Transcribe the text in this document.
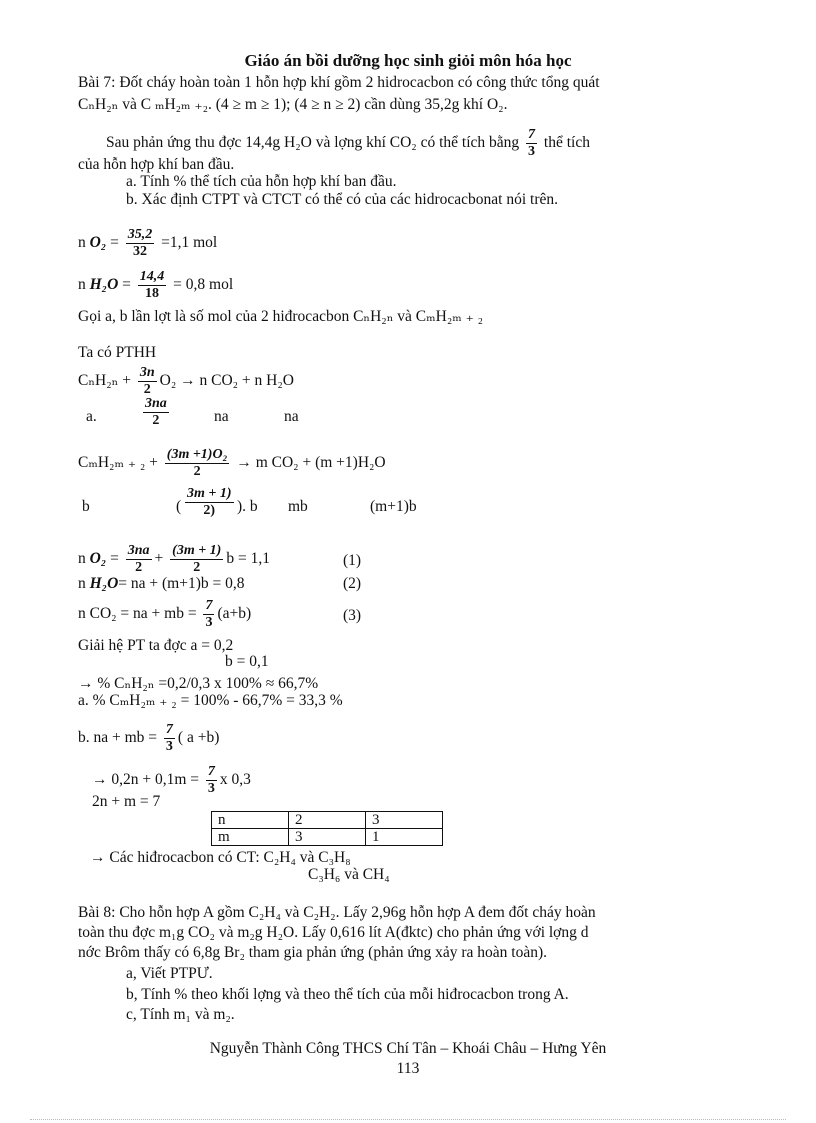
Giáo án bồi dưỡng học sinh giỏi môn hóa học
Bài 7: Đốt cháy hoàn toàn 1 hỗn hợp khí gồm 2 hidrocacbon có công thức tổng quát
CₙH₂ₙ và C ₘH₂ₘ ₊₂. (4 ≥ m ≥ 1); (4 ≥ n ≥ 2) cần dùng 35,2g khí O₂.
Sau phản ứng thu đợc 14,4g H₂O và lợng khí CO₂ có thể tích bằng $\frac{7}{3}$ thể tích
của hỗn hợp khí ban đầu.
a. Tính % thể tích của hỗn hợp khí ban đầu.
b. Xác định CTPT và CTCT có thể có của các hidrocacbonat nói trên.
n $O_2 = \frac{35,2}{32} =1,1$ mol
n $H_2O = \frac{14,4}{18} = 0,8$ mol
Gọi a, b lần lợt là số mol của 2 hiđrocacbon CₙH₂ₙ và CₘH₂ₘ ₊ ₂
Ta có PTHH
$C_nH_{2n} + \frac{3n}{2} O_2 \to n$ CO₂ + n H₂O
a.	$\frac{3na}{2}$	na	na
CₘH₂ₘ ₊ $_2 + \frac{\text{(3m +1)O₂}}{2} \to m$ CO₂ + (m +1)H₂O
b	( $\frac{3m + 1)}{2)}$ ). b mb	(m+1)b
n $O_2 = \frac{3na}{2} + \frac{(3m + 1)}{2}$ b = 1,1	(1)
n H₂O= na + (m+1)b = 0,8	(2)
n CO₂ = na + mb = $\frac{7}{3} (a+b)$	(3)
Giải hệ PT ta đợc a = 0,2
b = 0,1
→ % CₙH₂ₙ =0,2/0,3 x 100% ≈ 66,7%
a. % CₘH₂ₘ ₊ ₂ = 100% - 66,7% = 33,3 %
b. na + mb = $\frac{7}{3}$ ( a +b)
→ $0,2n + 0,1m = \frac{7}{3}$ x 0,3
2n + m = 7
n	2	3
m	3	1
→ Các hiđrocacbon có CT: C₂H₄ và C₃H₈
C₃H₆ và CH₄
Bài 8: Cho hỗn hợp A gồm C₂H₄ và C₂H₂. Lấy 2,96g hỗn hợp A đem đốt cháy hoàn
toàn thu đợc m₁g CO₂ và m₂g H₂O. Lấy 0,616 lít A(đktc) cho phản ứng với lợng d
nớc Brôm thấy có 6,8g Br₂ tham gia phản ứng (phản ứng xảy ra hoàn toàn).
a, Viết PTPƯ.
b, Tính % theo khối lợng và theo thể tích của mỗi hiđrocacbon trong A.
c, Tính m₁ và m₂.
Nguyễn Thành Công THCS Chí Tân – Khoái Châu – Hưng Yên
113
